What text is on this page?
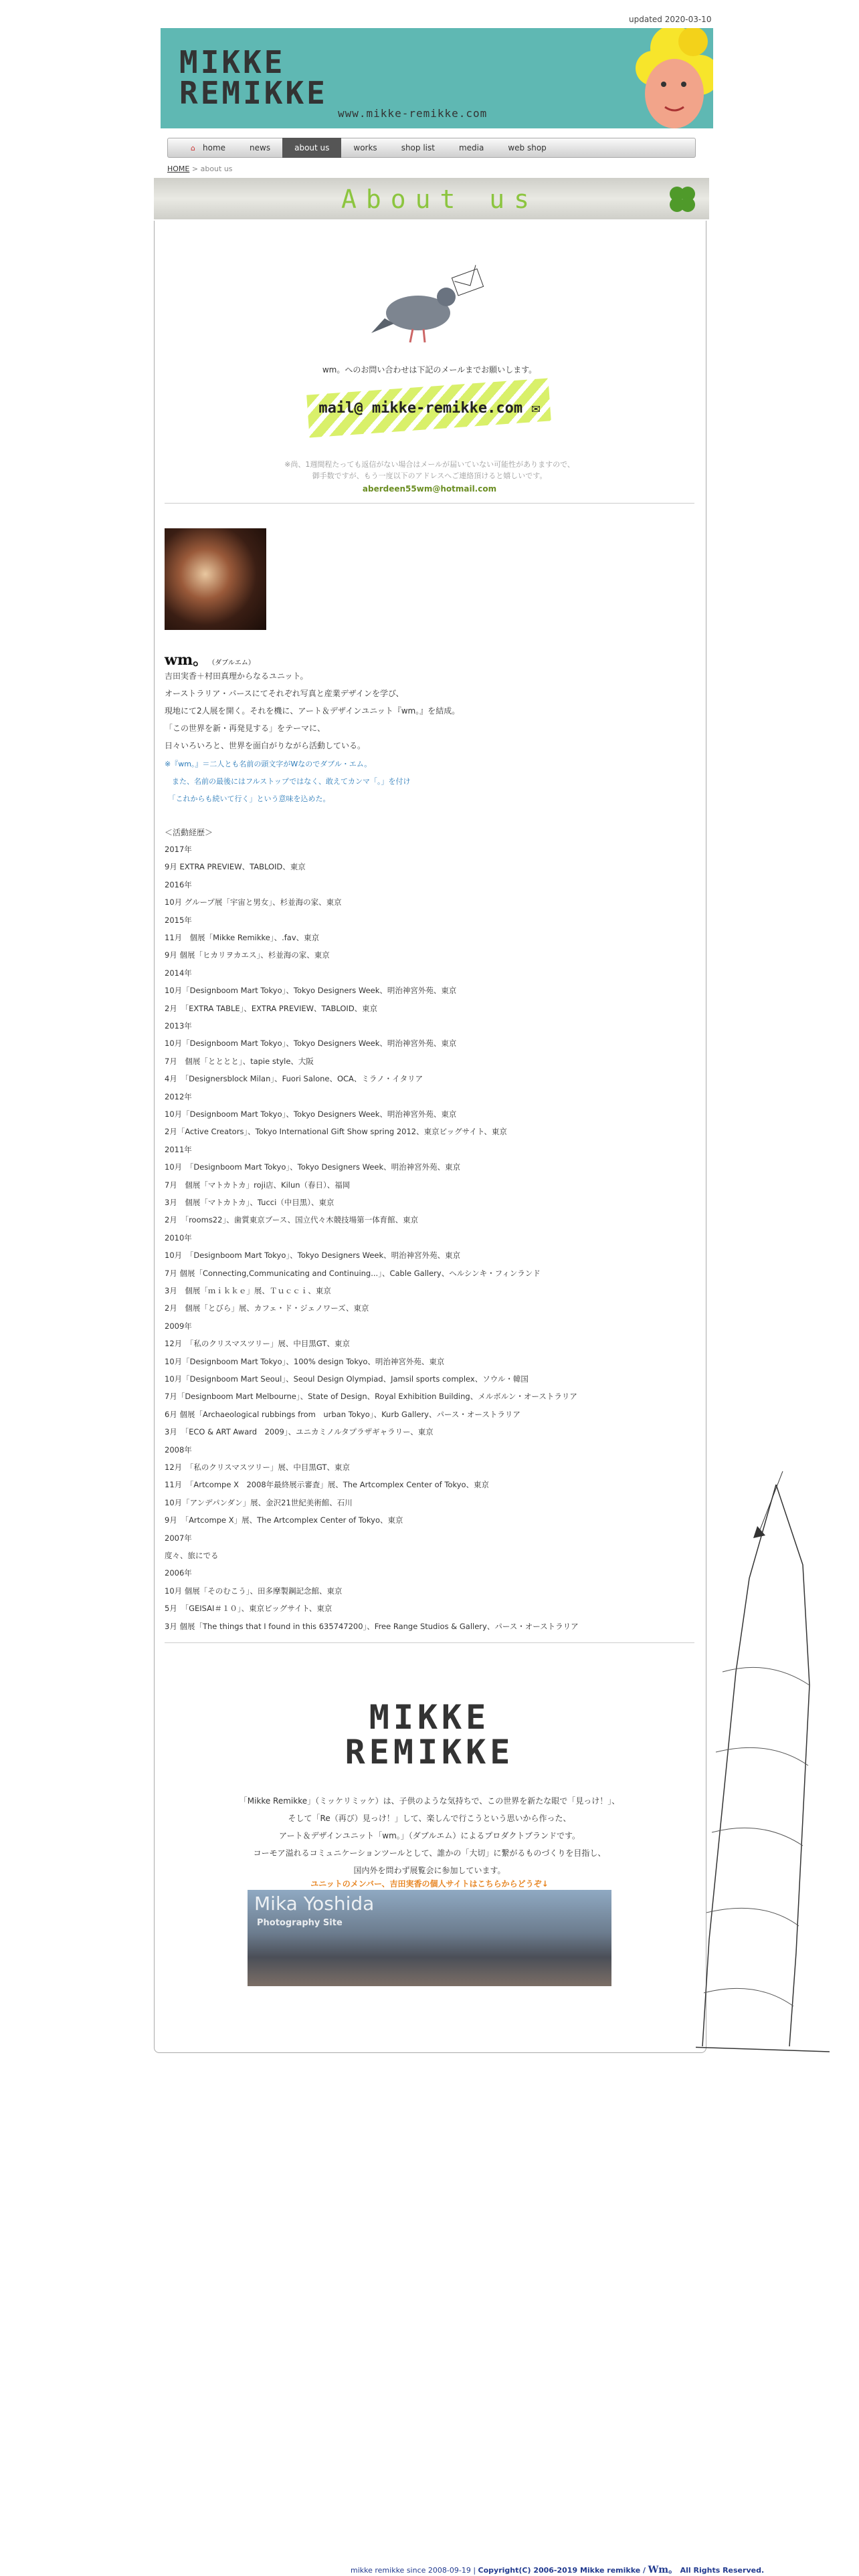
updated 2020-03-10
MIKKE
REMIKKE
www.mikke-remikke.com
⌂ home	news	about us	works	shop list	media	web shop
HOME > about us
About us
wm。へのお問い合わせは下記のメールまでお願いします。
mail@ mikke-remikke.com ✉
※尚、1週間程たっても返信がない場合はメールが届いていない可能性がありますので、
御手数ですが、もう一度以下のアドレスへご連絡頂けると嬉しいです。
aberdeen55wm@hotmail.com
wm。 （ダブルエム）
吉田実香＋村田真理からなるユニット。
オーストラリア・パースにてそれぞれ写真と産業デザインを学び、
現地にて2人展を開く。それを機に、アート＆デザインユニット『wm。』を結成。
「この世界を新・再発見する」をテーマに、
日々いろいろと、世界を面白がりながら活動している。
※『wm。』＝二人とも名前の頭文字がWなのでダブル・エム。
　また、名前の最後にはフルストップではなく、敢えてカンマ「。」を付け
　「これからも続いて行く」という意味を込めた。
＜活動経歴＞
2017年
9月 EXTRA PREVIEW、TABLOID、東京
2016年
10月 グループ展「宇宙と男女」、杉並海の家、東京
2015年
11月　個展「Mikke Remikke」、.fav、東京
9月 個展「ヒカリヲカエス」、杉並海の家、東京
2014年
10月「Designboom Mart Tokyo」、Tokyo Designers Week、明治神宮外苑、東京
2月　「EXTRA TABLE」、EXTRA PREVIEW、TABLOID、東京
2013年
10月「Designboom Mart Tokyo」、Tokyo Designers Week、明治神宮外苑、東京
7月　個展「とととと」、tapie style、大阪
4月　「Designersblock Milan」、Fuori Salone、OCA、ミラノ・イタリア
2012年
10月「Designboom Mart Tokyo」、Tokyo Designers Week、明治神宮外苑、東京
2月「Active Creators」、Tokyo International Gift Show spring 2012、東京ビッグサイト、東京
2011年
10月　「Designboom Mart Tokyo」、Tokyo Designers Week、明治神宮外苑、東京
7月　個展「マトカトカ」roji店、Kilun（春日）、福岡
3月　個展「マトカトカ」、Tucci（中目黒）、東京
2月　「rooms22」、歯質東京ブース、国立代々木競技場第一体育館、東京
2010年
10月　「Designboom Mart Tokyo」、Tokyo Designers Week、明治神宮外苑、東京
7月 個展「Connecting,Communicating and Continuing...」、Cable Gallery、ヘルシンキ・フィンランド
3月　個展「ｍｉｋｋｅ」展、Ｔｕｃｃｉ、東京
2月　個展「とびら」展、カフェ・ド・ジェノワーズ、東京
2009年
12月　「私のクリスマスツリー」展、中目黒GT、東京
10月「Designboom Mart Tokyo」、100% design Tokyo、明治神宮外苑、東京
10月「Designboom Mart Seoul」、Seoul Design Olympiad、Jamsil sports complex、ソウル・韓国
7月「Designboom Mart Melbourne」、State of Design、Royal Exhibition Building、メルボルン・オーストラリア
6月 個展「Archaeological rubbings from　urban Tokyo」、Kurb Gallery、パース・オーストラリア
3月　「ECO & ART Award　2009」、ユニカミノルタプラザギャラリー、東京
2008年
12月　「私のクリスマスツリー」展、中目黒GT、東京
11月　「Artcompe X　2008年最終展示審査」展、The Artcomplex Center of Tokyo、東京
10月「アンデパンダン」展、金沢21世紀美術館、石川
9月　「Artcompe X」展、The Artcomplex Center of Tokyo、東京
2007年
度々、旅にでる
2006年
10月 個展「そのむこう」、田多摩製鋼記念館、東京
5月　「GEISAI＃１０」、東京ビッグサイト、東京
3月 個展「The things that I found in this 635747200」、Free Range Studios & Gallery、パース・オーストラリア
MIKKE
REMIKKE
「Mikke Remikke」（ミッケリミッケ）は、子供のような気持ちで、この世界を新たな眼で「見っけ！」、
そして「Re（再び）見っけ！」して、楽しんで行こうという思いから作った、
アート＆デザインユニット「wm。」（ダブルエム）によるプロダクトブランドです。
コーモア溢れるコミュニケーションツールとして、誰かの「大切」に繋がるものづくりを目指し、
国内外を問わず展覧会に参加しています。
ユニットのメンバー、吉田実香の個人サイトはこちらからどうぞ↓
Mika Yoshida
Photography Site
mikke remikke since 2008-09-19 | Copyright(C) 2006-2019 Mikke remikke / Wm。 All Rights Reserved.
